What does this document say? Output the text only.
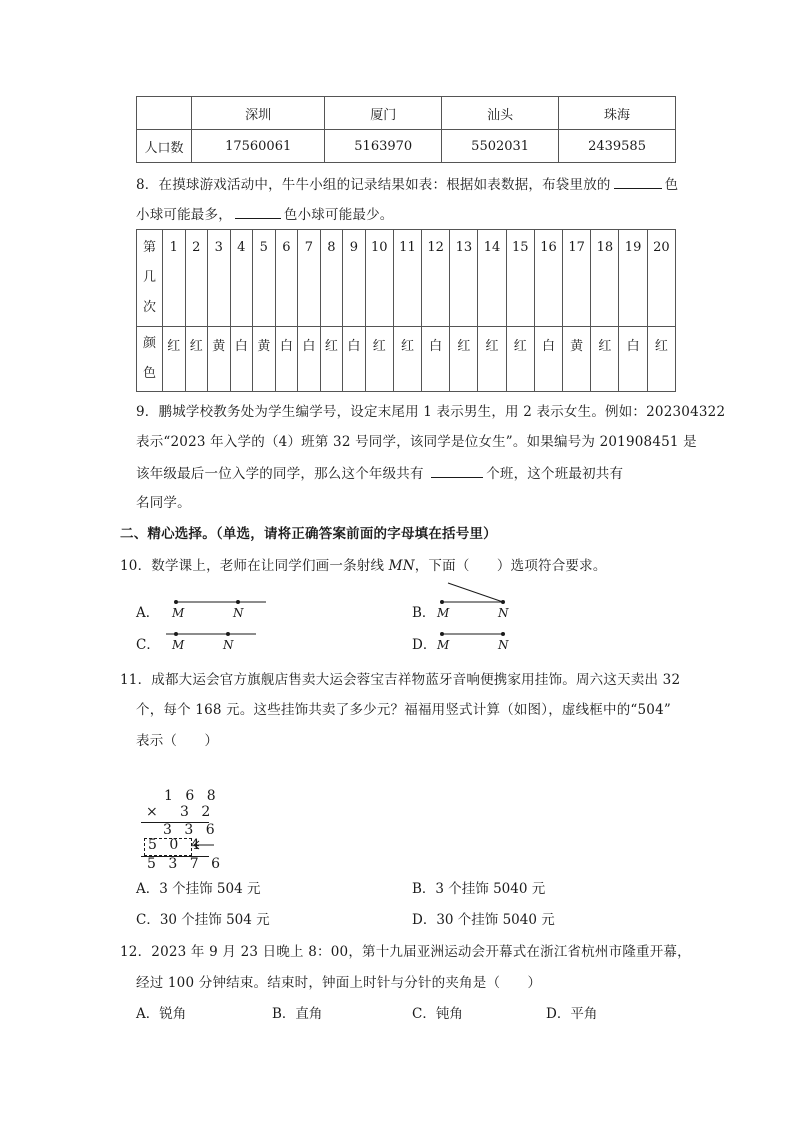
	深圳	厦门	汕头	珠海
人口数	17560061	5163970	5502031	2439585
8．在摸球游戏活动中，牛牛小组的记录结果如表：根据如表数据，布袋里放的	色
小球可能最多，	色小球可能最少。
第
几
次	1	2	3	4	5	6	7	8	9	10	11	12	13	14	15	16	17	18	19	20
颜
色	红	红	黄	白	黄	白	白	红	白	红	红	白	红	红	红	白	黄	红	白	红
9．鹏城学校教务处为学生编学号，设定末尾用 1 表示男生，用 2 表示女生。例如：202304322
表示“2023 年入学的（4）班第 32 号同学，该同学是位女生”。如果编号为 201908451 是
该年级最后一位入学的同学，那么这个年级共有	个班，这个班最初共有
名同学。
二、精心选择。（单选，请将正确答案前面的字母填在括号里）
10．数学课上，老师在让同学们画一条射线 MN，下面（　　）选项符合要求。
A．	B．
C．	D．
M	N	M	N
M	N	M	N
11．成都大运会官方旗舰店售卖大运会蓉宝吉祥物蓝牙音响便携家用挂饰。周六这天卖出 32
个，每个 168 元。这些挂饰共卖了多少元？福福用竖式计算（如图），虚线框中的“504”
表示（　　）
1 6 8
× 3 2
3 3 6
5 0 4
5 3 7 6
A．3 个挂饰 504 元	B．3 个挂饰 5040 元
C．30 个挂饰 504 元	D．30 个挂饰 5040 元
12．2023 年 9 月 23 日晚上 8：00，第十九届亚洲运动会开幕式在浙江省杭州市隆重开幕，
经过 100 分钟结束。结束时，钟面上时针与分针的夹角是（　　）
A．锐角	B．直角	C．钝角	D．平角
